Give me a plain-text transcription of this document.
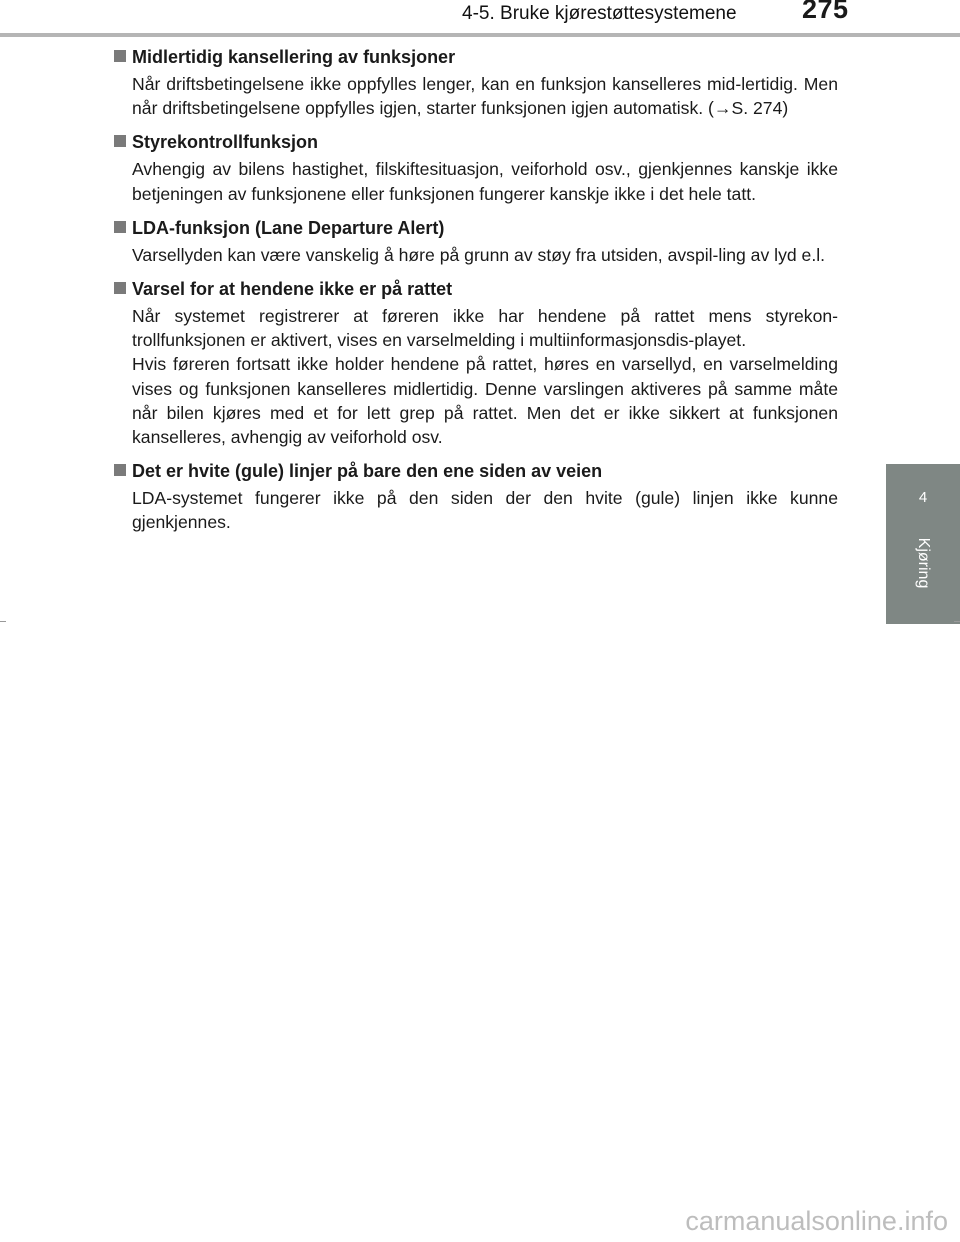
4-5. Bruke kjørestøttesystemene	275
4
Kjøring
Midlertidig kansellering av funksjoner

Når driftsbetingelsene ikke oppfylles lenger, kan en funksjon kanselleres mid-lertidig. Men når driftsbetingelsene oppfylles igjen, starter funksjonen igjen automatisk. (→S. 274)

Styrekontrollfunksjon

Avhengig av bilens hastighet, filskiftesituasjon, veiforhold osv., gjenkjennes kanskje ikke betjeningen av funksjonene eller funksjonen fungerer kanskje ikke i det hele tatt.

LDA-funksjon (Lane Departure Alert)

Varsellyden kan være vanskelig å høre på grunn av støy fra utsiden, avspil-ling av lyd e.l.

Varsel for at hendene ikke er på rattet

Når systemet registrerer at føreren ikke har hendene på rattet mens styrekon-trollfunksjonen er aktivert, vises en varselmelding i multiinformasjonsdis-playet.

Hvis føreren fortsatt ikke holder hendene på rattet, høres en varsellyd, en varselmelding vises og funksjonen kanselleres midlertidig. Denne varslingen aktiveres på samme måte når bilen kjøres med et for lett grep på rattet. Men det er ikke sikkert at funksjonen kanselleres, avhengig av veiforhold osv.

Det er hvite (gule) linjer på bare den ene siden av veien

LDA-systemet fungerer ikke på den siden der den hvite (gule) linjen ikke kunne gjenkjennes.

carmanualsonline.info
